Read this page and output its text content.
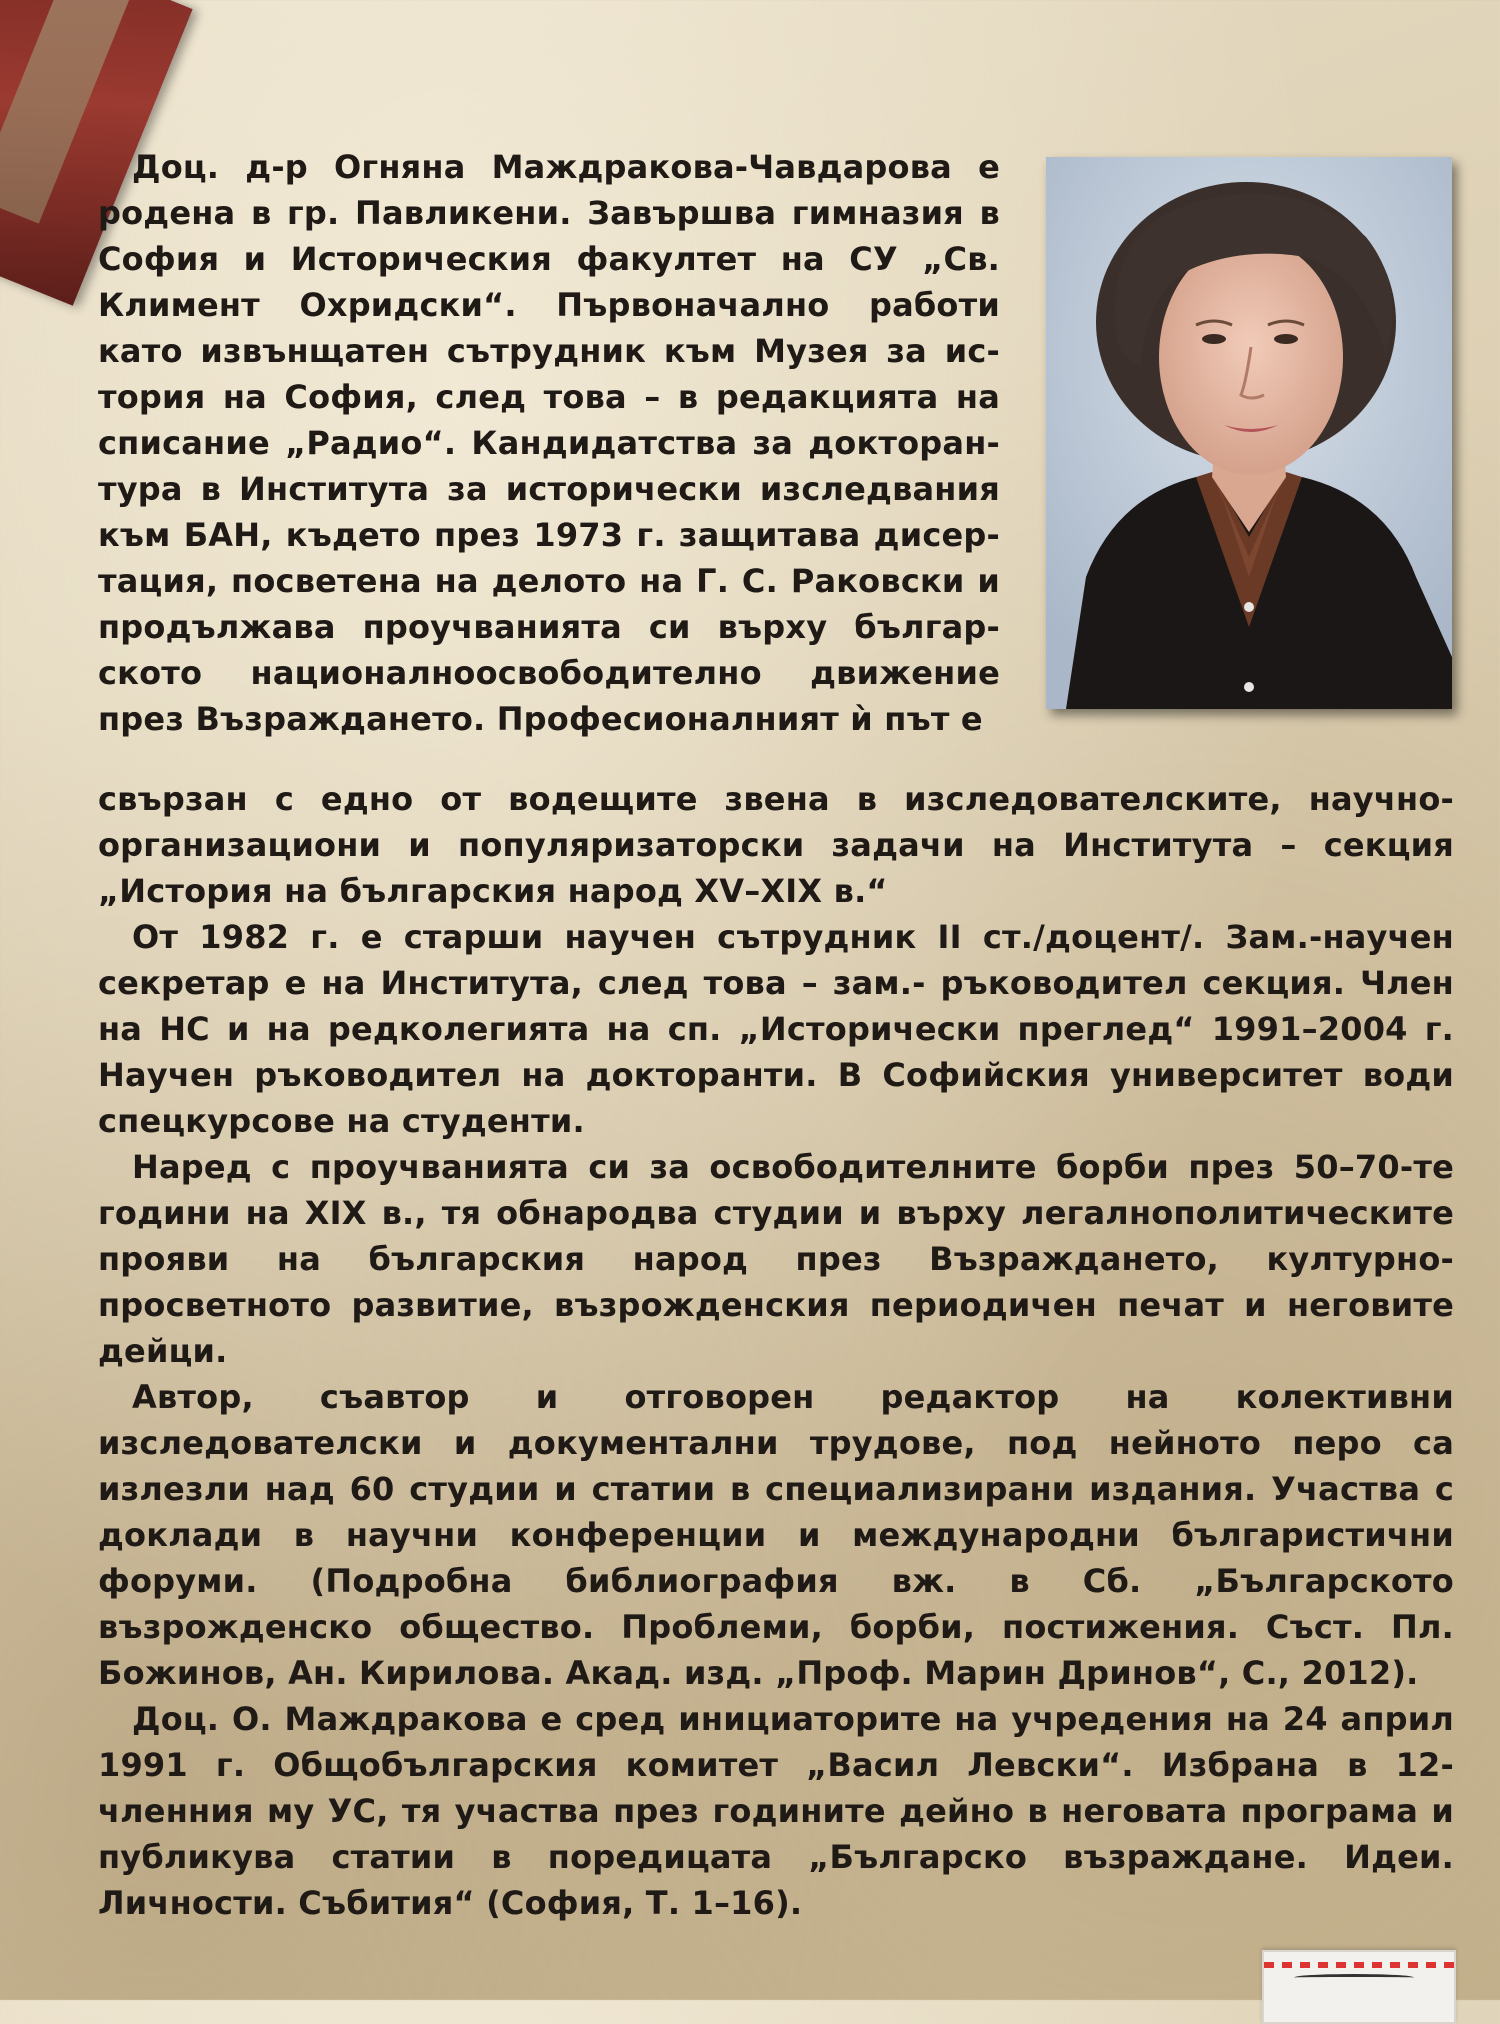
Доц. д-р Огняна Маждракова-Чавдарова е
родена в гр. Павликени. Завършва гимназия в
София и Историческия факултет на СУ „Св.
Климент Охридски“. Първоначално работи
като извънщатен сътрудник към Музея за ис-
тория на София, след това – в редакцията на
списание „Радио“. Кандидатства за докторан-
тура в Института за исторически изследвания
към БАН, където през 1973 г. защитава дисер-
тация, посветена на делото на Г. С. Раковски и
продължава проучванията си върху българ-
ското националноосвободително движение
през Възраждането. Професионалният ѝ път е

свързан с едно от водещите звена в изследователските, научно-организациони и популяризаторски задачи на Института – секция „История на българския народ XV–XIX в.“

От 1982 г. е старши научен сътрудник II ст./доцент/. Зам.-научен секретар е на Института, след това – зам.- ръководител секция. Член на НС и на редколегията на сп. „Исторически преглед“ 1991–2004 г. Научен ръководител на докторанти. В Софийския университет води спецкурсове на студенти.

Наред с проучванията си за освободителните борби през 50–70-те години на XIX в., тя обнародва студии и върху легалнополитическите прояви на българския народ през Възраждането, културно-просветното развитие, възрожденския периодичен печат и неговите дейци.

Автор, съавтор и отговорен редактор на колективни изследователски и документални трудове, под нейното перо са излезли над 60 студии и статии в специализирани издания. Участва с доклади в научни конференции и международни българистични форуми. (Подробна библиография вж. в Сб. „Българското възрожденско общество. Проблеми, борби, постижения. Съст. Пл. Божинов, Ан. Кирилова. Акад. изд. „Проф. Марин Дринов“, С., 2012).

Доц. О. Маждракова е сред инициаторите на учредения на 24 април 1991 г. Общобългарския комитет „Васил Левски“. Избрана в 12-членния му УС, тя участва през годините дейно в неговата програма и публикува статии в поредицата „Българско възраждане. Идеи. Личности. Събития“ (София, Т. 1–16).
